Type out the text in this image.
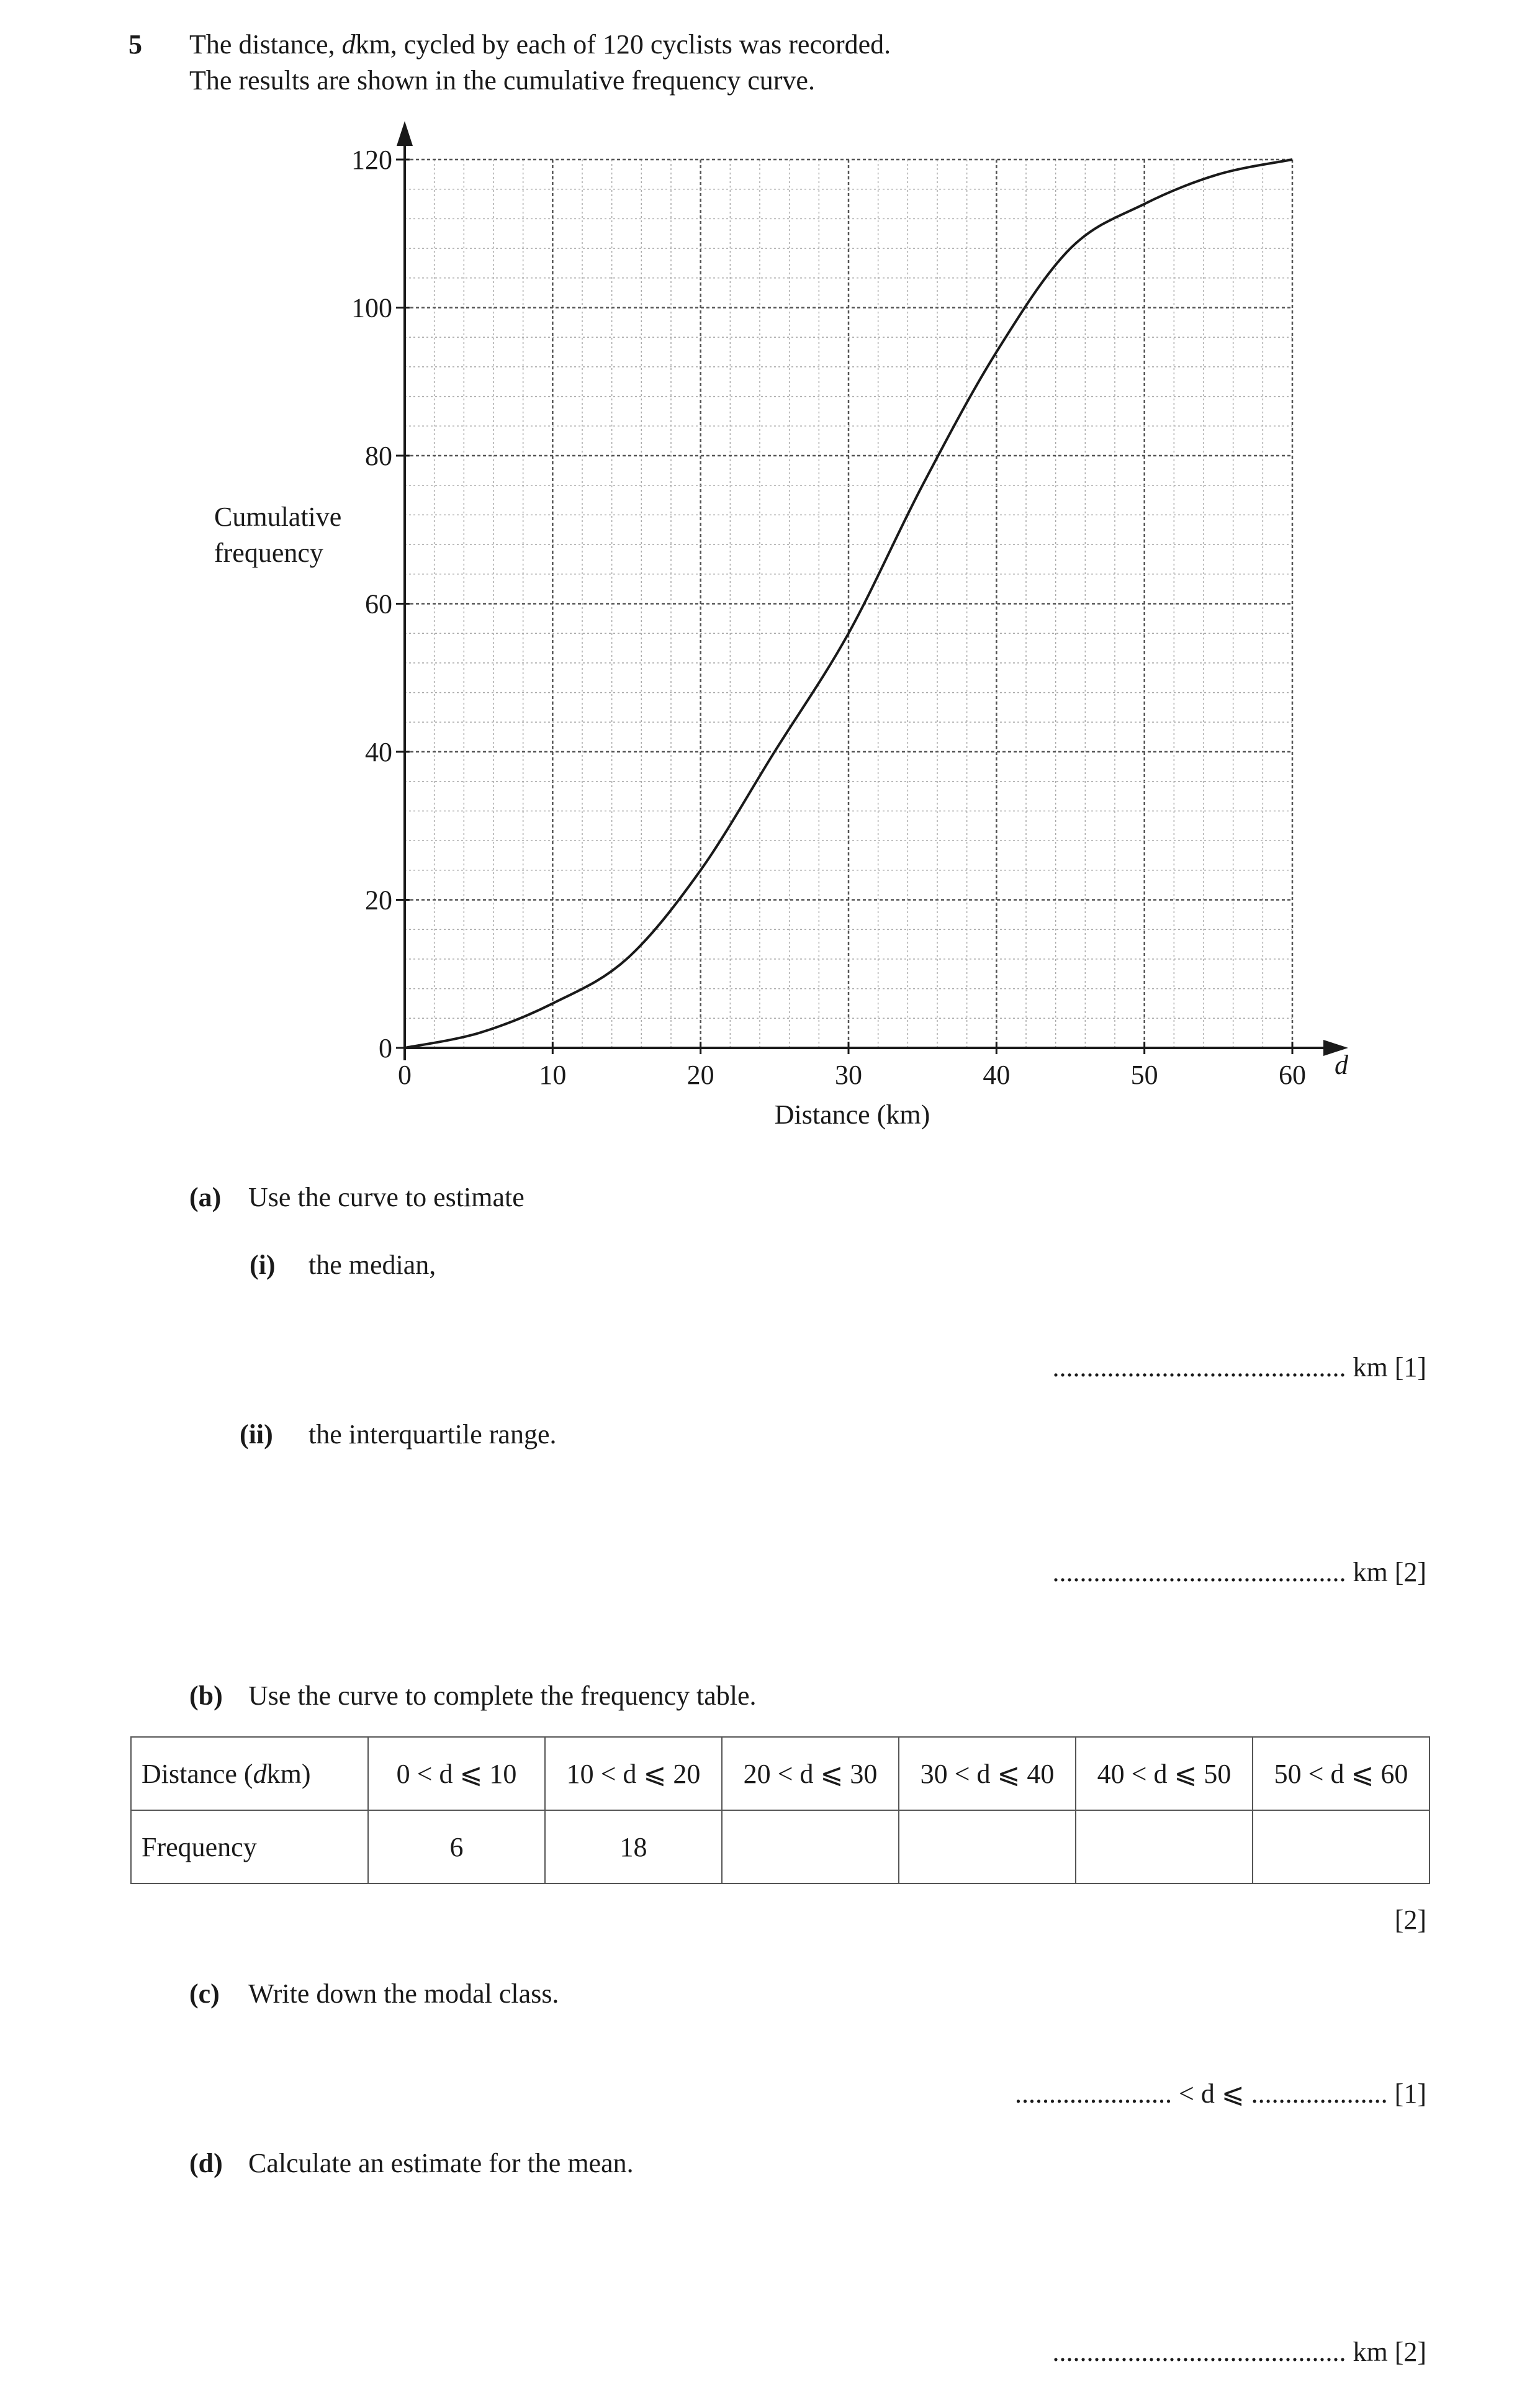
5 The distance, dkm, cycled by each of 120 cyclists was recorded.
The results are shown in the cumulative frequency curve.
0	10	20	30	40	50	60
0
20
40
60
80
100
120
Cumulative
frequency
Distance (km)
d
(a) Use the curve to estimate
(i) the median,
........................................... km [1]
(ii) the interquartile range.
........................................... km [2]
(b) Use the curve to complete the frequency table.
Distance (dkm)	0 < d ⩽ 10	10 < d ⩽ 20	20 < d ⩽ 30	30 < d ⩽ 40	40 < d ⩽ 50	50 < d ⩽ 60
Frequency	6	18				
[2]
(c) Write down the modal class.
....................... < d ⩽ .................... [1]
(d) Calculate an estimate for the mean.
........................................... km [2]
